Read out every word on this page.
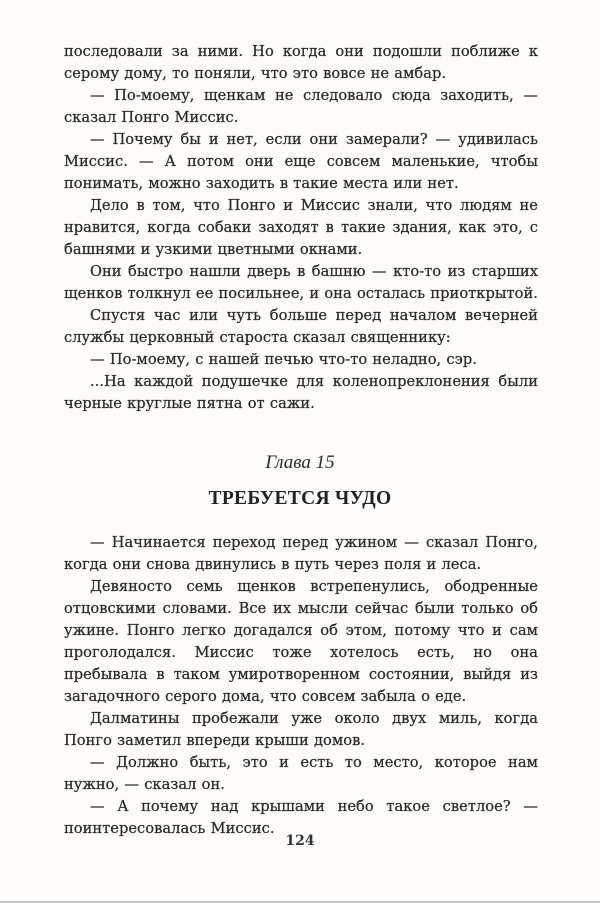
последовали за ними. Но когда они подошли поближе к серому дому, то поняли, что это вовсе не амбар.

— По-моему, щенкам не следовало сюда заходить, — сказал Понго Миссис.

— Почему бы и нет, если они замерали? — удивилась Миссис. — А потом они еще совсем маленькие, чтобы понимать, можно заходить в такие места или нет.

Дело в том, что Понго и Миссис знали, что людям не нравится, когда собаки заходят в такие здания, как это, с башнями и узкими цветными окнами.

Они быстро нашли дверь в башню — кто-то из старших щенков толкнул ее посильнее, и она осталась приоткрытой.

Спустя час или чуть больше перед началом вечерней службы церковный староста сказал священнику:

— По-моему, с нашей печью что-то неладно, сэр.

...На каждой подушечке для коленопреклонения были черные круглые пятна от сажи.

Глава 15
ТРЕБУЕТСЯ ЧУДО

— Начинается переход перед ужином — сказал Понго, когда они снова двинулись в путь через поля и леса.

Девяносто семь щенков встрепенулись, ободренные отцовскими словами. Все их мысли сейчас были только об ужине. Понго легко догадался об этом, потому что и сам проголодался. Миссис тоже хотелось есть, но она пребывала в таком умиротворенном состоянии, выйдя из загадочного серого дома, что совсем забыла о еде.

Далматины пробежали уже около двух миль, когда Понго заметил впереди крыши домов.

— Должно быть, это и есть то место, которое нам нужно, — сказал он.

— А почему над крышами небо такое светлое? — поинтересовалась Миссис.

124
